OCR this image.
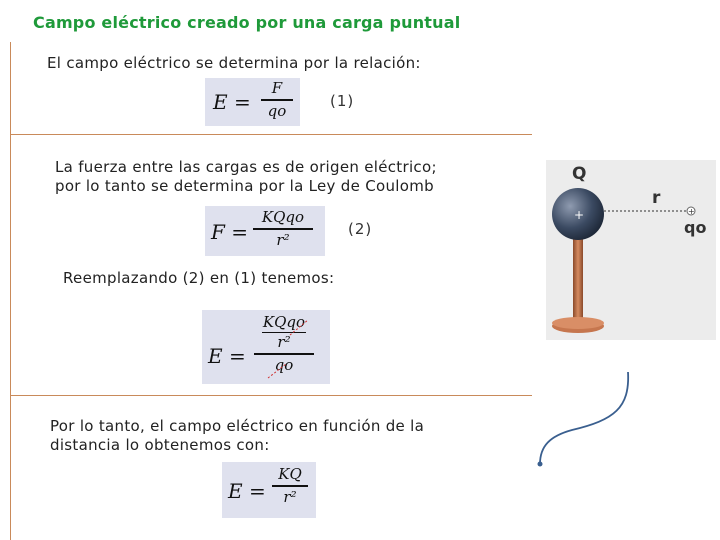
Campo eléctrico creado por una carga puntual
El campo eléctrico se determina por la relación:
E =
F
qo
(1)
La fuerza entre las cargas es de origen eléctrico;
por lo tanto se determina por la Ley de Coulomb
F =
KQqo
r²
(2)
Reemplazando (2) en (1) tenemos:
E =
KQqo
r²
qo
Por lo tanto, el campo eléctrico en función de la
distancia lo obtenemos con:
E =
KQ
r²
+	+
Q
r
qo
